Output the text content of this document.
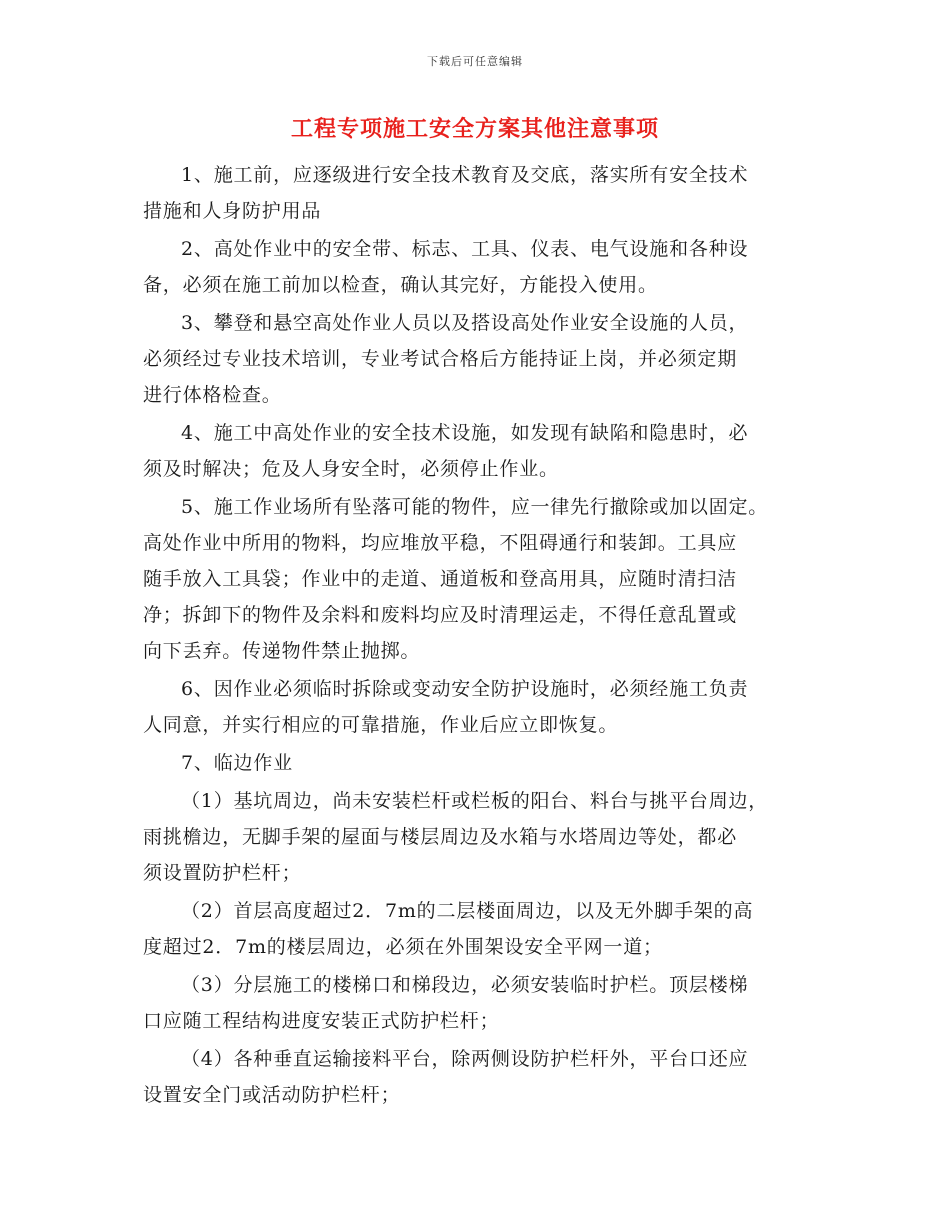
下载后可任意编辑
工程专项施工安全方案其他注意事项
1、施工前，应逐级进行安全技术教育及交底，落实所有安全技术
措施和人身防护用品
2、高处作业中的安全带、标志、工具、仪表、电气设施和各种设
备，必须在施工前加以检查，确认其完好，方能投入使用。
3、攀登和悬空高处作业人员以及搭设高处作业安全设施的人员，
必须经过专业技术培训，专业考试合格后方能持证上岗，并必须定期
进行体格检查。
4、施工中高处作业的安全技术设施，如发现有缺陷和隐患时，必
须及时解决；危及人身安全时，必须停止作业。
5、施工作业场所有坠落可能的物件，应一律先行撤除或加以固定。
高处作业中所用的物料，均应堆放平稳，不阻碍通行和装卸。工具应
随手放入工具袋；作业中的走道、通道板和登高用具，应随时清扫洁
净；拆卸下的物件及余料和废料均应及时清理运走，不得任意乱置或
向下丢弃。传递物件禁止抛掷。
6、因作业必须临时拆除或变动安全防护设施时，必须经施工负责
人同意，并实行相应的可靠措施，作业后应立即恢复。
7、临边作业
（1）基坑周边，尚未安装栏杆或栏板的阳台、料台与挑平台周边，
雨挑檐边，无脚手架的屋面与楼层周边及水箱与水塔周边等处，都必
须设置防护栏杆；
（2）首层高度超过2．7m的二层楼面周边，以及无外脚手架的高
度超过2．7m的楼层周边，必须在外围架设安全平网一道；
（3）分层施工的楼梯口和梯段边，必须安装临时护栏。顶层楼梯
口应随工程结构进度安装正式防护栏杆；
（4）各种垂直运输接料平台，除两侧设防护栏杆外，平台口还应
设置安全门或活动防护栏杆；
